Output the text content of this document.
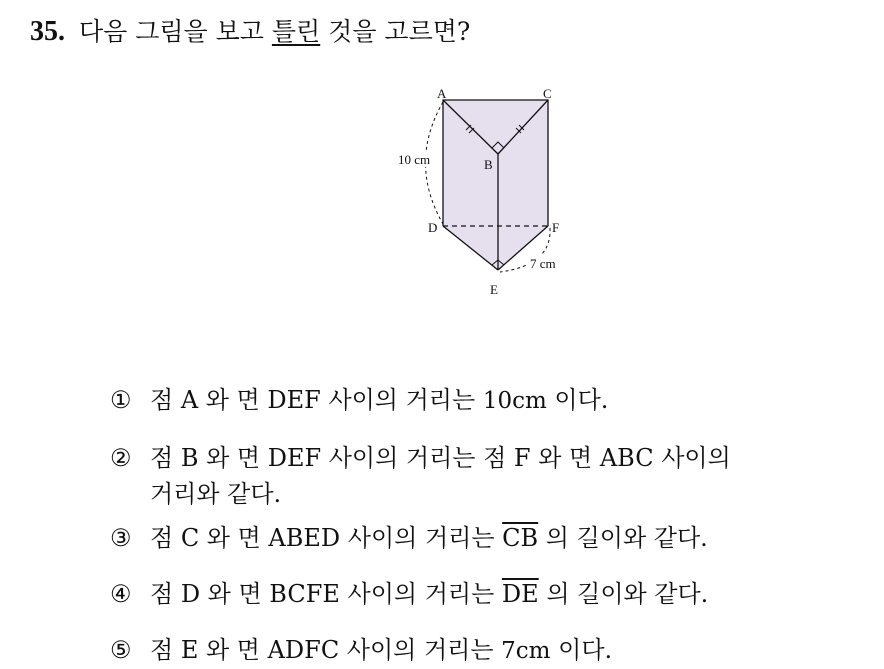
35. 다음 그림을 보고 틀린 것을 고르면?
A	C
B
D	F
E
10 cm
7 cm
① 점 A 와 면 DEF 사이의 거리는 10cm 이다.
② 점 B 와 면 DEF 사이의 거리는 점 F 와 면 ABC 사이의
거리와 같다.
③ 점 C 와 면 ABED 사이의 거리는 $\overline{CB}$ 의 길이와 같다.
④ 점 D 와 면 BCFE 사이의 거리는 $\overline{DE}$ 의 길이와 같다.
⑤ 점 E 와 면 ADFC 사이의 거리는 7cm 이다.
